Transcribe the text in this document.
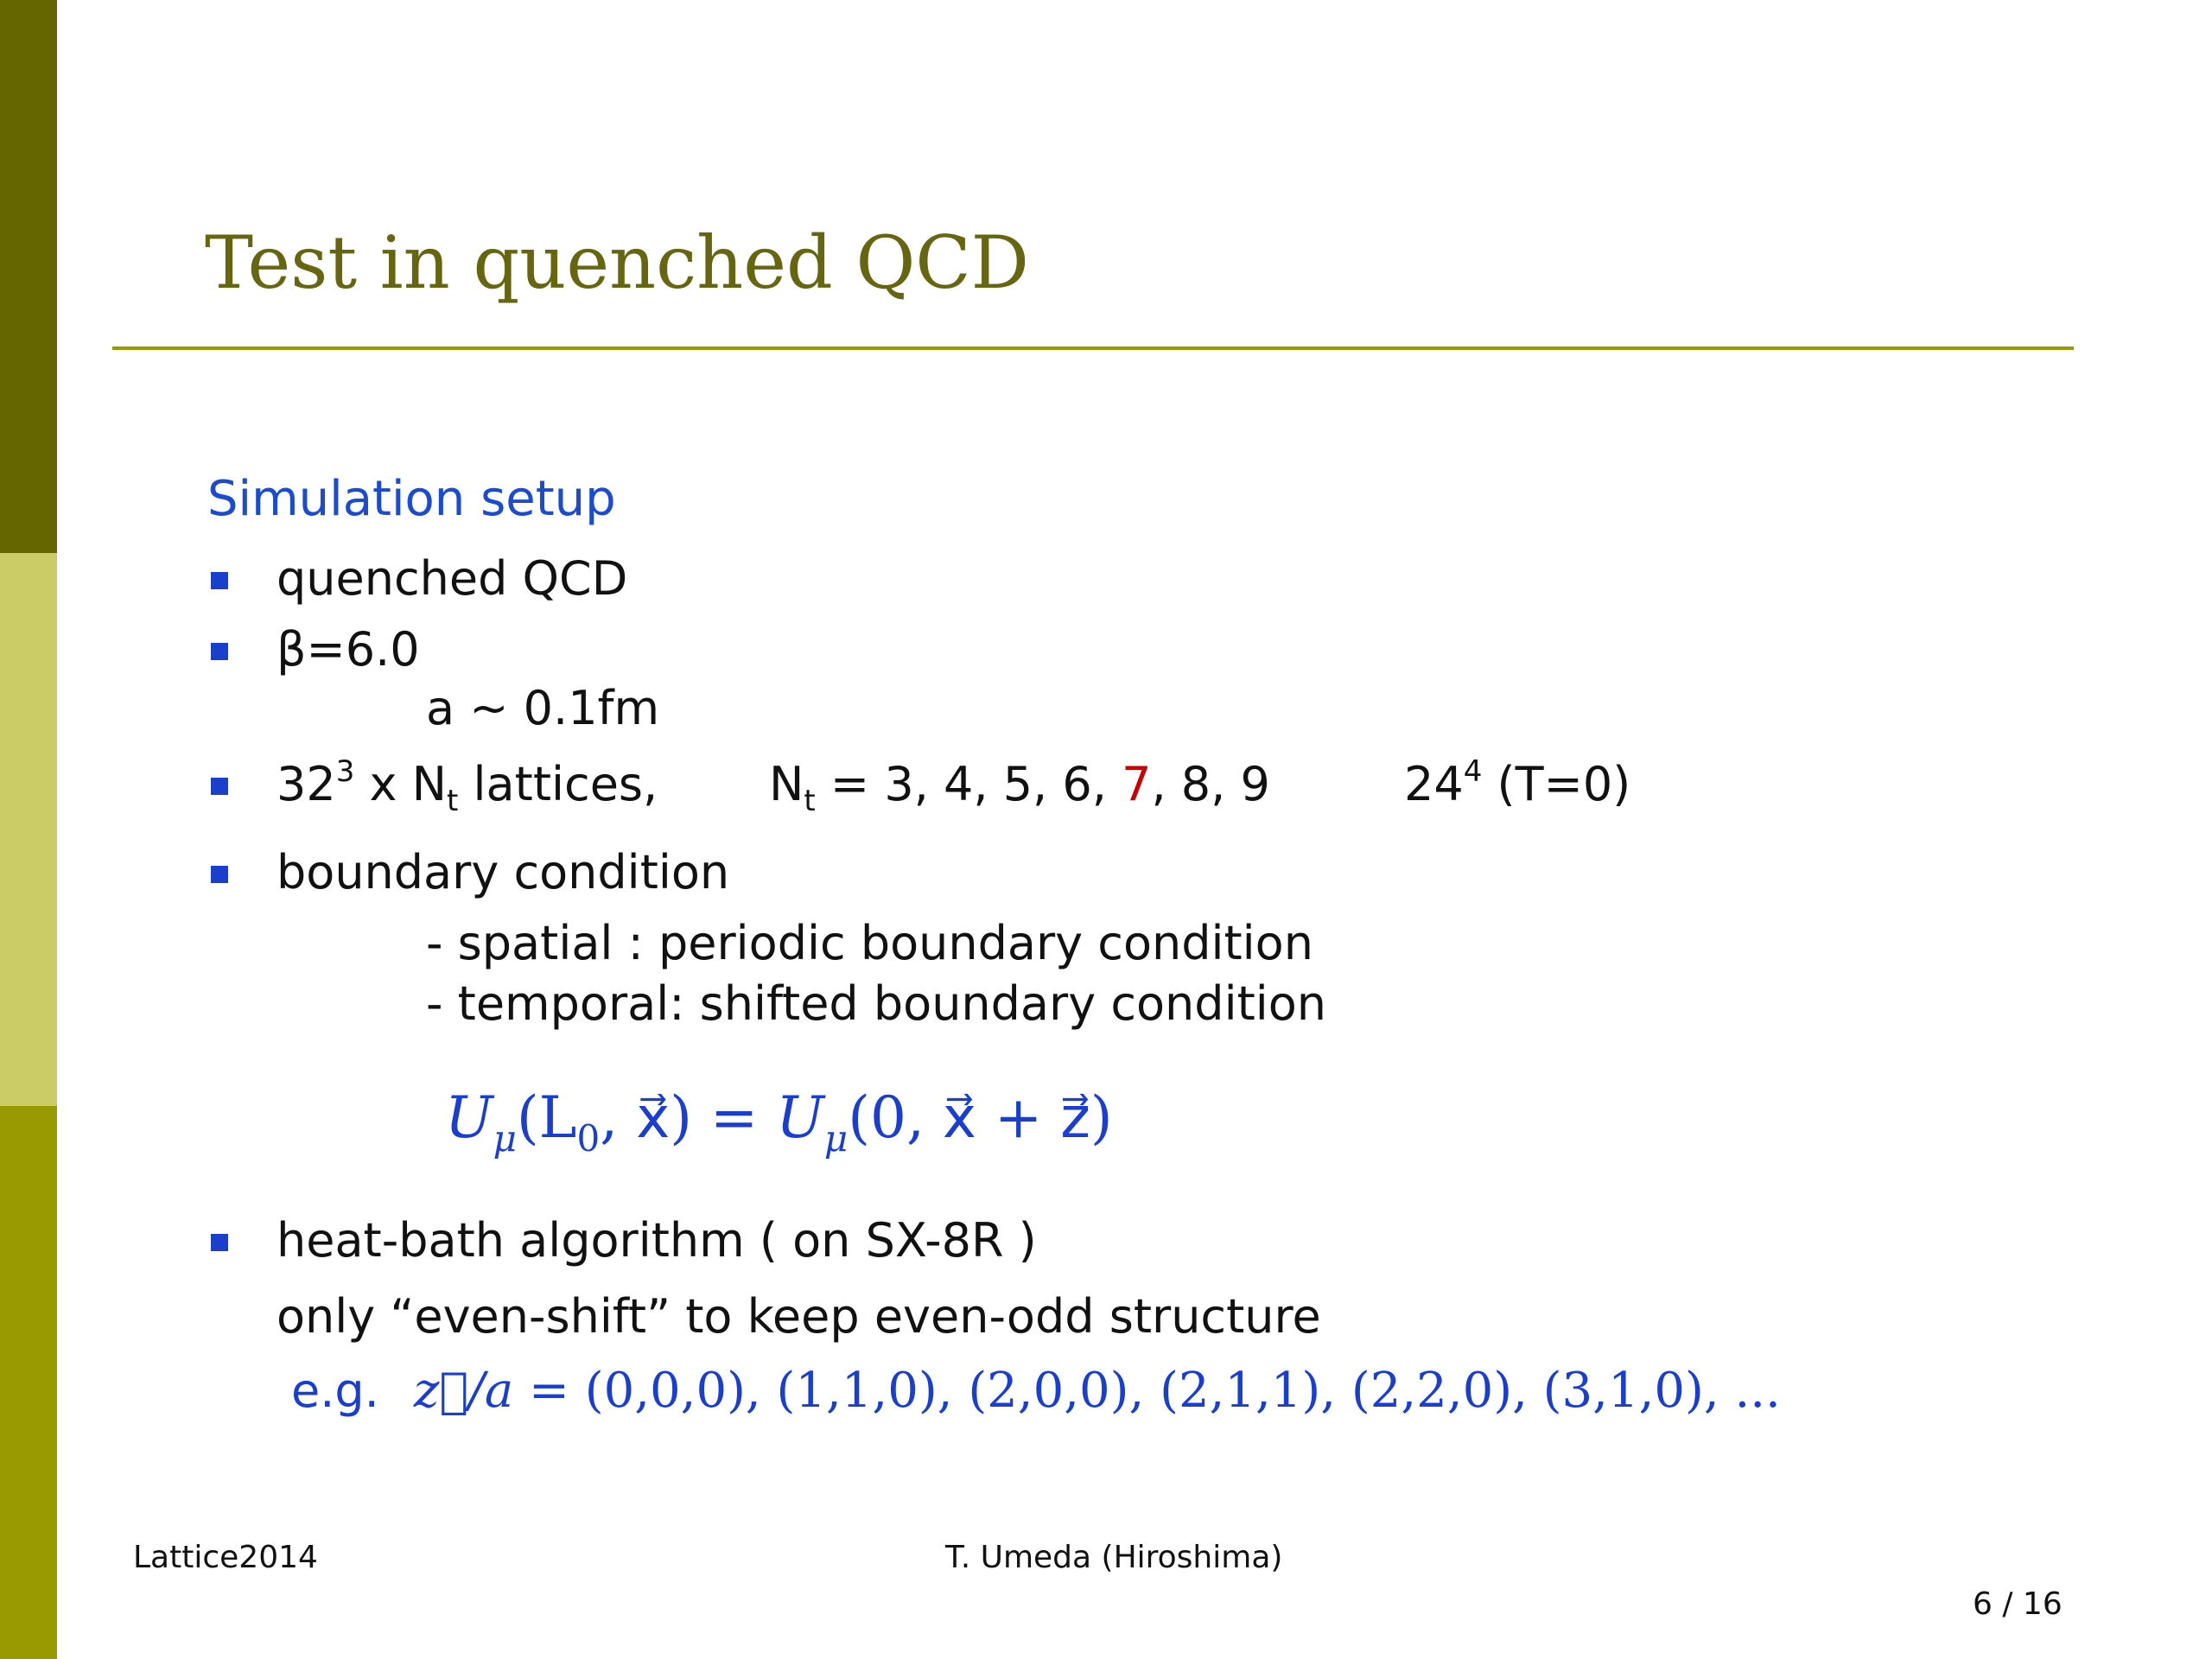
Test in quenched QCD
Simulation setup
quenched QCD
β=6.0
a ~ 0.1fm
$32^3$ x $N_t$ lattices, $N_t = 3$, 4, 5, 6, 7, 8, 9	$24^4$ (T=0)
boundary condition
- spatial : periodic boundary condition
- temporal: shifted boundary condition
$U_\mu(L_0$, x⃗) = $U_\mu(0$, x⃗ + z⃗)
heat-bath algorithm ( on SX-8R )
only “even-shift” to keep even-odd structure
e.g. z⃗/a = (0,0,0), (1,1,0), (2,0,0), (2,1,1), (2,2,0), (3,1,0), ...
Lattice2014	T. Umeda (Hiroshima)
6 / 16
